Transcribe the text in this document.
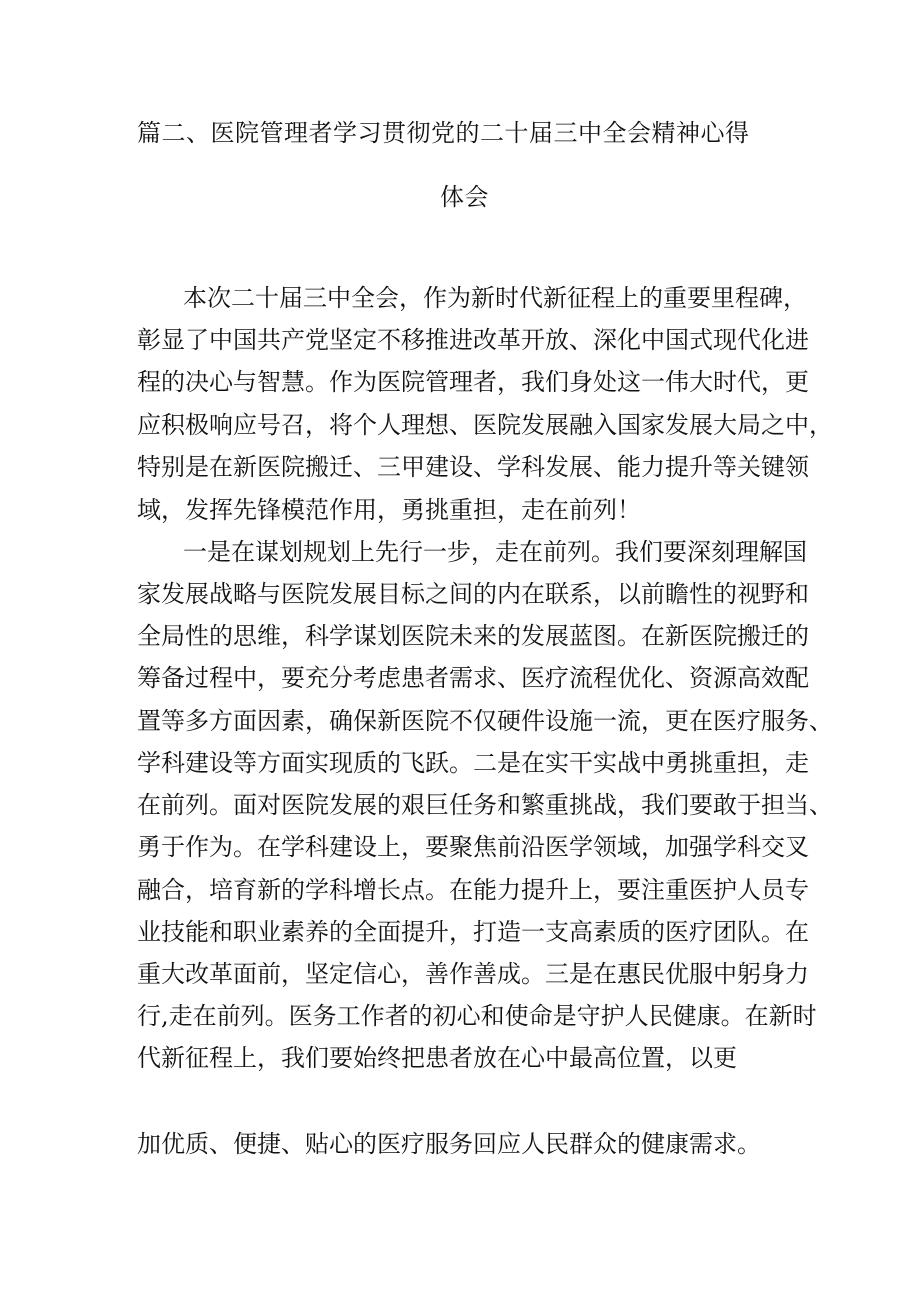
篇二、医院管理者学习贯彻党的二十届三中全会精神心得
体会
本次二十届三中全会，作为新时代新征程上的重要里程碑，
彰显了中国共产党坚定不移推进改革开放、深化中国式现代化进
程的决心与智慧。作为医院管理者，我们身处这一伟大时代，更
应积极响应号召，将个人理想、医院发展融入国家发展大局之中，
特别是在新医院搬迁、三甲建设、学科发展、能力提升等关键领
域，发挥先锋模范作用，勇挑重担，走在前列！
一是在谋划规划上先行一步，走在前列。我们要深刻理解国
家发展战略与医院发展目标之间的内在联系，以前瞻性的视野和
全局性的思维，科学谋划医院未来的发展蓝图。在新医院搬迁的
筹备过程中，要充分考虑患者需求、医疗流程优化、资源高效配
置等多方面因素，确保新医院不仅硬件设施一流，更在医疗服务、
学科建设等方面实现质的飞跃。二是在实干实战中勇挑重担，走
在前列。面对医院发展的艰巨任务和繁重挑战，我们要敢于担当、
勇于作为。在学科建设上，要聚焦前沿医学领域，加强学科交叉
融合，培育新的学科增长点。在能力提升上，要注重医护人员专
业技能和职业素养的全面提升，打造一支高素质的医疗团队。在
重大改革面前，坚定信心，善作善成。三是在惠民优服中躬身力
行,走在前列。医务工作者的初心和使命是守护人民健康。在新时
代新征程上，我们要始终把患者放在心中最高位置，以更
加优质、便捷、贴心的医疗服务回应人民群众的健康需求。
